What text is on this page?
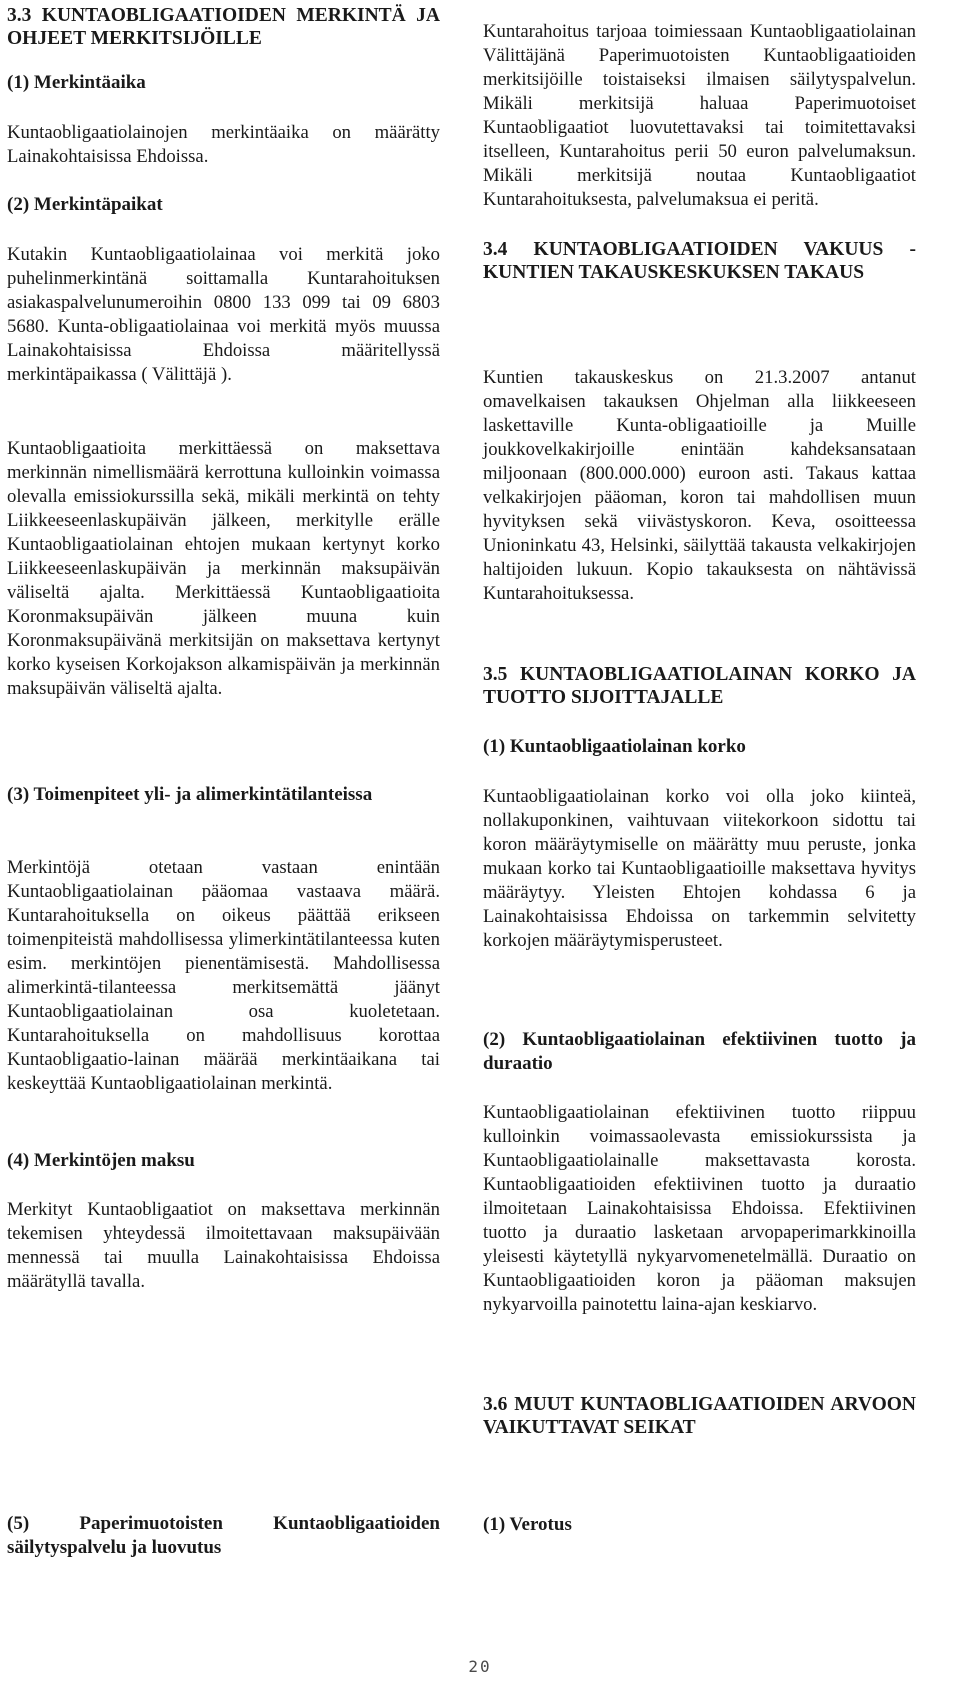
3.3 KUNTAOBLIGAATIOIDEN MERKINTÄ JA OHJEET MERKITSIJÖILLE
(1) Merkintäaika

Kuntaobligaatiolainojen merkintäaika on määrätty Lainakohtaisissa Ehdoissa.

(2) Merkintäpaikat

Kutakin Kuntaobligaatiolainaa voi merkitä joko puhelinmerkintänä soittamalla Kuntarahoituksen asiakaspalvelunumeroihin 0800 133 099 tai 09 6803 5680. Kunta-obligaatiolainaa voi merkitä myös muussa Lainakohtaisissa Ehdoissa määritellyssä merkintäpaikassa ( Välittäjä ).

Kuntaobligaatioita merkittäessä on maksettava merkinnän nimellismäärä kerrottuna kulloinkin voimassa olevalla emissiokurssilla sekä, mikäli merkintä on tehty Liikkeeseenlaskupäivän jälkeen, merkitylle erälle Kuntaobligaatiolainan ehtojen mukaan kertynyt korko Liikkeeseenlaskupäivän ja merkinnän maksupäivän väliseltä ajalta. Merkittäessä Kuntaobligaatioita Koronmaksupäivän jälkeen muuna kuin Koronmaksupäivänä merkitsijän on maksettava kertynyt korko kyseisen Korkojakson alkamispäivän ja merkinnän maksupäivän väliseltä ajalta.

(3) Toimenpiteet yli- ja alimerkintätilanteissa

Merkintöjä otetaan vastaan enintään Kuntaobligaatiolainan pääomaa vastaava määrä. Kuntarahoituksella on oikeus päättää erikseen toimenpiteistä mahdollisessa ylimerkintätilanteessa kuten esim. merkintöjen pienentämisestä. Mahdollisessa alimerkintä-tilanteessa merkitsemättä jäänyt Kuntaobligaatiolainan osa kuoletetaan. Kuntarahoituksella on mahdollisuus korottaa Kuntaobligaatio-lainan määrää merkintäaikana tai keskeyttää Kuntaobligaatiolainan merkintä.

(4) Merkintöjen maksu

Merkityt Kuntaobligaatiot on maksettava merkinnän tekemisen yhteydessä ilmoitettavaan maksupäivään mennessä tai muulla Lainakohtaisissa Ehdoissa määrätyllä tavalla.

(5) Paperimuotoisten Kuntaobligaatioiden säilytyspalvelu ja luovutus

Kuntarahoitus tarjoaa toimiessaan Kuntaobligaatiolainan Välittäjänä Paperimuotoisten Kuntaobligaatioiden merkitsijöille toistaiseksi ilmaisen säilytyspalvelun. Mikäli merkitsijä haluaa Paperimuotoiset Kuntaobligaatiot luovutettavaksi tai toimitettavaksi itselleen, Kuntarahoitus perii 50 euron palvelumaksun. Mikäli merkitsijä noutaa Kuntaobligaatiot Kuntarahoituksesta, palvelumaksua ei peritä.

3.4 KUNTAOBLIGAATIOIDEN VAKUUS - KUNTIEN TAKAUSKESKUKSEN TAKAUS

Kuntien takauskeskus on 21.3.2007 antanut omavelkaisen takauksen Ohjelman alla liikkeeseen laskettaville Kunta-obligaatioille ja Muille joukkovelkakirjoille enintään kahdeksansataan miljoonaan (800.000.000) euroon asti. Takaus kattaa velkakirjojen pääoman, koron tai mahdollisen muun hyvityksen sekä viivästyskoron. Keva, osoitteessa Unioninkatu 43, Helsinki, säilyttää takausta velkakirjojen haltijoiden lukuun. Kopio takauksesta on nähtävissä Kuntarahoituksessa.

3.5 KUNTAOBLIGAATIOLAINAN KORKO JA TUOTTO SIJOITTAJALLE
(1) Kuntaobligaatiolainan korko

Kuntaobligaatiolainan korko voi olla joko kiinteä, nollakuponkinen, vaihtuvaan viitekorkoon sidottu tai koron määräytymiselle on määrätty muu peruste, jonka mukaan korko tai Kuntaobligaatioille maksettava hyvitys määräytyy. Yleisten Ehtojen kohdassa 6 ja Lainakohtaisissa Ehdoissa on tarkemmin selvitetty korkojen määräytymisperusteet.

(2) Kuntaobligaatiolainan efektiivinen tuotto ja duraatio

Kuntaobligaatiolainan efektiivinen tuotto riippuu kulloinkin voimassaolevasta emissiokurssista ja Kuntaobligaatiolainalle maksettavasta korosta. Kuntaobligaatioiden efektiivinen tuotto ja duraatio ilmoitetaan Lainakohtaisissa Ehdoissa. Efektiivinen tuotto ja duraatio lasketaan arvopaperimarkkinoilla yleisesti käytetyllä nykyarvomenetelmällä. Duraatio on Kuntaobligaatioiden koron ja pääoman maksujen nykyarvoilla painotettu laina-ajan keskiarvo.

3.6 MUUT KUNTAOBLIGAATIOIDEN ARVOON VAIKUTTAVAT SEIKAT
(1) Verotus
20
